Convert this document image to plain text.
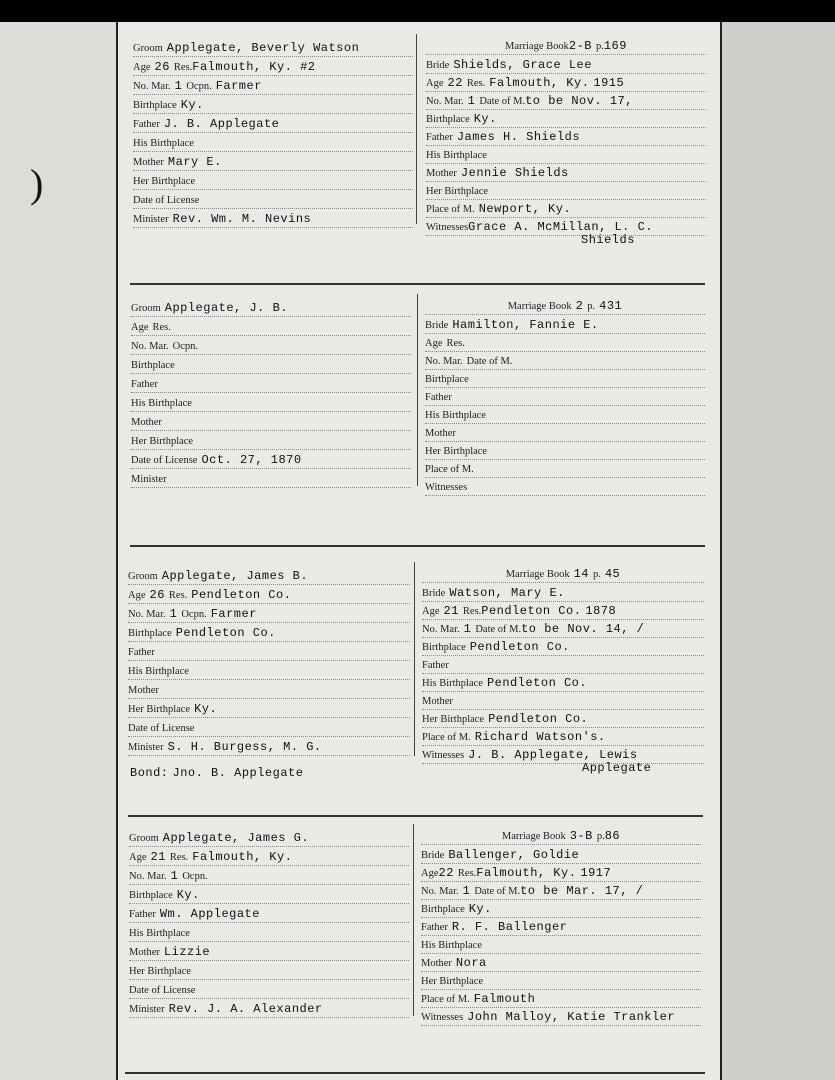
)
Groom Applegate, Beverly Watson
Age 26 Res.Falmouth, Ky. #2
No. Mar. 1 Ocpn. Farmer
Birthplace Ky.
Father J. B. Applegate
His Birthplace
Mother Mary E.
Her Birthplace
Date of License
Minister Rev. Wm. M. Nevins
Marriage Book2-B p.169
Bride Shields, Grace Lee
Age 22 Res. Falmouth, Ky. 1915
No. Mar. 1 Date of M.to be Nov. 17,
Birthplace Ky.
Father James H. Shields
His Birthplace
Mother Jennie Shields
Her Birthplace
Place of M. Newport, Ky.
WitnessesGrace A. McMillan, L. C.
Shields
Groom Applegate, J. B.
Age Res.
No. Mar. Ocpn.
Birthplace
Father
His Birthplace
Mother
Her Birthplace
Date of License Oct. 27, 1870
Minister
Marriage Book 2 p. 431
Bride Hamilton, Fannie E.
Age Res.
No. Mar. Date of M.
Birthplace
Father
His Birthplace
Mother
Her Birthplace
Place of M.
Witnesses
Groom Applegate, James B.
Age 26 Res. Pendleton Co.
No. Mar. 1 Ocpn. Farmer
Birthplace Pendleton Co.
Father
His Birthplace
Mother
Her Birthplace Ky.
Date of License
Minister S. H. Burgess, M. G.
Bond: Jno. B. Applegate
Marriage Book 14 p. 45
Bride Watson, Mary E.
Age 21 Res.Pendleton Co. 1878
No. Mar. 1 Date of M.to be Nov. 14, /
Birthplace Pendleton Co.
Father
His Birthplace Pendleton Co.
Mother
Her Birthplace Pendleton Co.
Place of M. Richard Watson's.
Witnesses J. B. Applegate, Lewis
Applegate
Groom Applegate, James G.
Age 21 Res. Falmouth, Ky.
No. Mar. 1 Ocpn.
Birthplace Ky.
Father Wm. Applegate
His Birthplace
Mother Lizzie
Her Birthplace
Date of License
Minister Rev. J. A. Alexander
Marriage Book 3-B p.86
Bride Ballenger, Goldie
Age22 Res.Falmouth, Ky. 1917
No. Mar. 1 Date of M.to be Mar. 17, /
Birthplace Ky.
Father R. F. Ballenger
His Birthplace
Mother Nora
Her Birthplace
Place of M. Falmouth
Witnesses John Malloy, Katie Trankler
